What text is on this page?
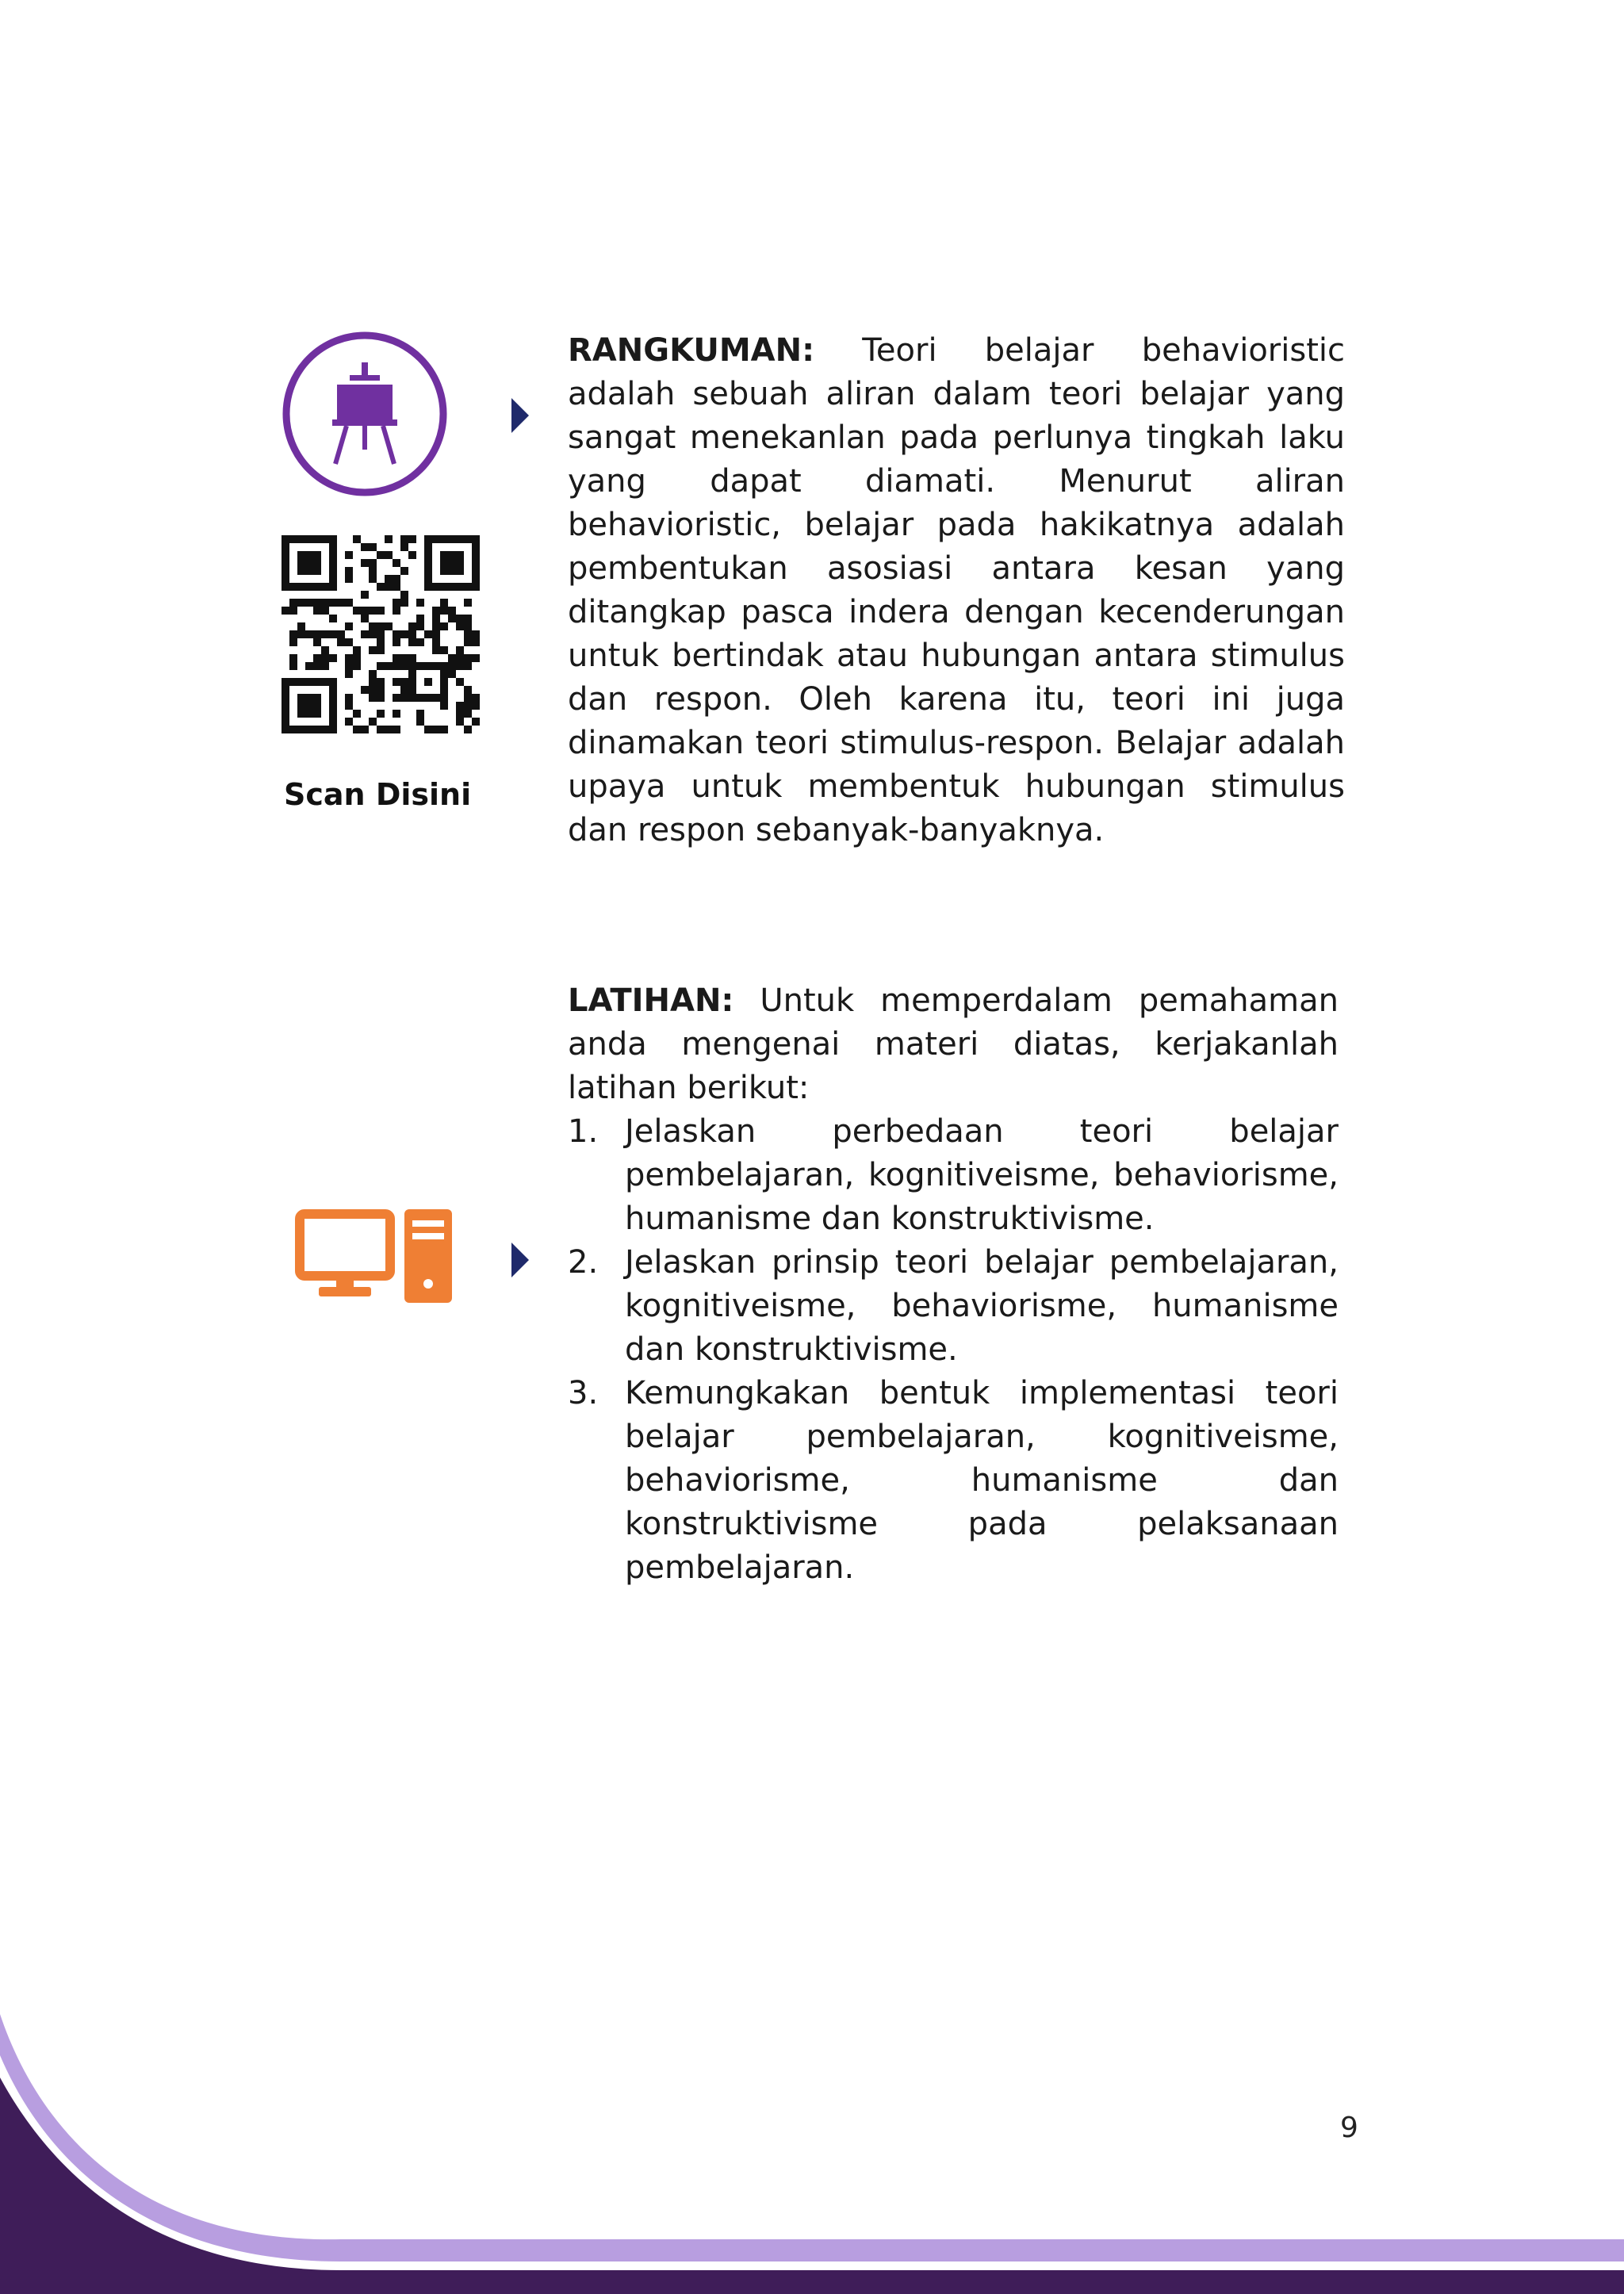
Scan Disini
RANGKUMAN: Teori belajar behavioristic adalah sebuah aliran dalam teori belajar yang sangat menekanlan pada perlunya tingkah laku yang dapat diamati. Menurut aliran behavioristic, belajar pada hakikatnya adalah pembentukan asosiasi antara kesan yang ditangkap pasca indera dengan kecenderungan untuk bertindak atau hubungan antara stimulus dan respon. Oleh karena itu, teori ini juga dinamakan teori stimulus-respon. Belajar adalah upaya untuk membentuk hubungan stimulus dan respon sebanyak-banyaknya.
LATIHAN: Untuk memperdalam pemahaman anda mengenai materi diatas, kerjakanlah latihan berikut:
1. Jelaskan perbedaan teori belajar pembelajaran, kognitiveisme, behaviorisme, humanisme dan konstruktivisme.
2. Jelaskan prinsip teori belajar pembelajaran, kognitiveisme, behaviorisme, humanisme dan konstruktivisme.
3. Kemungkakan bentuk implementasi teori belajar pembelajaran, kognitiveisme, behaviorisme, humanisme dan konstruktivisme pada pelaksanaan pembelajaran.
9
